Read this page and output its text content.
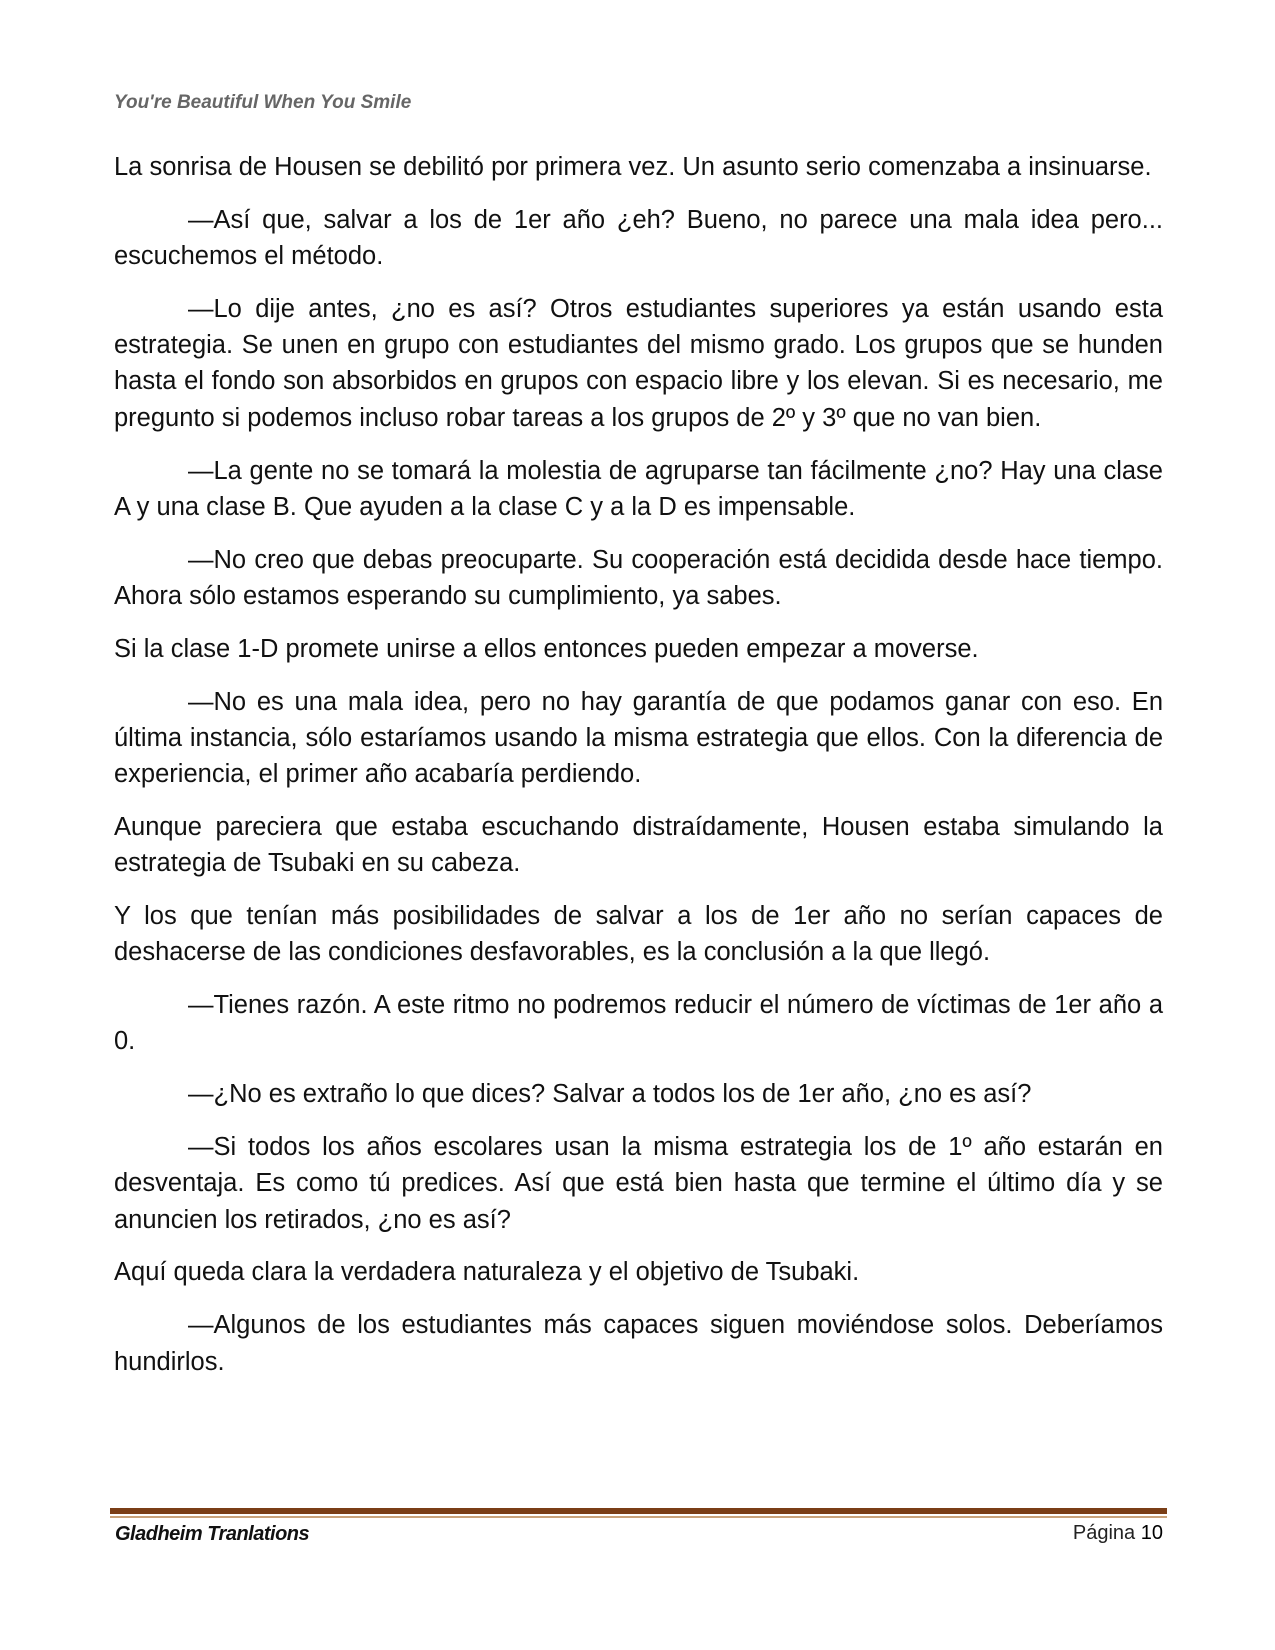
You're Beautiful When You Smile

La sonrisa de Housen se debilitó por primera vez. Un asunto serio comenzaba a insinuarse.

—Así que, salvar a los de 1er año ¿eh? Bueno, no parece una mala idea pero... escuchemos el método.

—Lo dije antes, ¿no es así? Otros estudiantes superiores ya están usando esta estrategia. Se unen en grupo con estudiantes del mismo grado. Los grupos que se hunden hasta el fondo son absorbidos en grupos con espacio libre y los elevan. Si es necesario, me pregunto si podemos incluso robar tareas a los grupos de 2º y 3º que no van bien.

—La gente no se tomará la molestia de agruparse tan fácilmente ¿no? Hay una clase A y una clase B. Que ayuden a la clase C y a la D es impensable.

—No creo que debas preocuparte. Su cooperación está decidida desde hace tiempo. Ahora sólo estamos esperando su cumplimiento, ya sabes.

Si la clase 1-D promete unirse a ellos entonces pueden empezar a moverse.

—No es una mala idea, pero no hay garantía de que podamos ganar con eso. En última instancia, sólo estaríamos usando la misma estrategia que ellos. Con la diferencia de experiencia, el primer año acabaría perdiendo.

Aunque pareciera que estaba escuchando distraídamente, Housen estaba simulando la estrategia de Tsubaki en su cabeza.

Y los que tenían más posibilidades de salvar a los de 1er año no serían capaces de deshacerse de las condiciones desfavorables, es la conclusión a la que llegó.

—Tienes razón. A este ritmo no podremos reducir el número de víctimas de 1er año a 0.

—¿No es extraño lo que dices? Salvar a todos los de 1er año, ¿no es así?

—Si todos los años escolares usan la misma estrategia los de 1º año estarán en desventaja. Es como tú predices. Así que está bien hasta que termine el último día y se anuncien los retirados, ¿no es así?

Aquí queda clara la verdadera naturaleza y el objetivo de Tsubaki.

—Algunos de los estudiantes más capaces siguen moviéndose solos. Deberíamos hundirlos.

Gladheim Tranlations	Página 10
